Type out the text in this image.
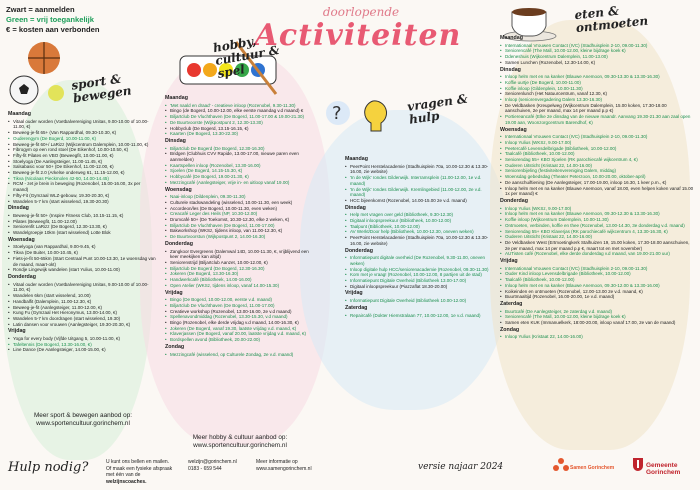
Zwart = aanmelden
Green = vrij toegankelijk
€ = kosten aan verbonden
doorlopende
Activiteiten
?
sport & bewegen
hobby, cultuur & spel
vragen & hulp
eten & ontmoeten
Maandag
• Vitaal ouder worden (Voetbalvereniging Unitas, 9.00-10.00 of 10.00-11.00, €)
• Beweeg-je-fit 65+ (Van Rappardhal, 09.30-10.30, €)
• Ouderengym (De Bogerd, 10.00-11.00, €)
• Beweeg-je-fit 60+/ LaRizz (Wijkcentrum Dalemplein, 10.00-11.00, €)
• Fibrogym op een rond stoel (De Eikenhof, 10.00-10.50, €)
• Fifty-fit Pilates en VBO (Beweegfit, 10.00-11.00, €)
• Stoelyoga (De Aanlegsteiger, 11.00-11.45, €)
• Salsabasic voor 50+ (De Eikenhof, 11.00-12.00, €)
• Beweeg-je-fit 2.0 (Arkelse onderweg 61, 11.15-12.00, €)
• Tikva (Nicolaas Pieckmolen 42-50, 14.00-14.45)
• RCM - zet je brein in beweging (Rozenobel, 15.00-16.00, 3x per maand)
• Fifty-Fit (Gymzaal WLZ-gebouw, 19.30-20.30, €)
• Wandelen 5-7 km (start wisselend, 19.30-20.30)
Dinsdag
• Beweeg-je-fit 50+ (Inspire Fitness Club, 10.15-11.15, €)
• Pilates (Beweegfit, 11.00-12.00)
• Seniorenfit LaRizz (De Bogerd, 12.30-13.30, €)
• Wandelgroepje 10km (start wisselend) Lotte Blok
Woensdag
• Stoelyoga (van Rappardhal, 9.00-9.45, €)
• Tikva (De Buiter, 10.00-10.45, €)
• Fiets-je-fit 50-65km (Start Centraal Punt 10.00-13.30, 1e woensdag van de maand, maart-okt)
• Rondje Lingewijk wandelen (start Yulius, 10.00-11.00)
Donderdag
• Vitaal ouder worden (Voetbalvereniging Unitas, 9.00-10.00 of 10.00-11.00, €)
• Wandelen 6km (start wisselend, 10.00)
• Handbalfit (Dalemplein, 11.00-12.30, €)
• Beweeg-je-fit (Aanlegsteiger, 11.00-12.00, €)
• Kung Fu (Gymzaal Het Hieronymus, 13.00-14.00, €)
• Wandelen 5-7 km doordragen (start wisselend, 19.30)
• Latin dansen voor vrouwen (Aanlegsteiger, 19.30-20.30, €)
Vrijdag
• Yoga for every body (Vijfde Uitgang 5, 10.00-11.00, €)
• Tafeltennis (De Bogerd, 13.30-16.00, €)
• Line Dance (De Aanlegsteiger, 14.00-15.00, €)
Meer sport & bewegen aanbod op:
www.sportencultuur.gorinchem.nl
Maandag
• 'Met naald en draad' - creatieve inloop (Rozenobel, 9.30-11.30)
• Bingo (de Bogerd, 10.00-12.00, elke eerste maandag v.d maand) €
• Biljartclub De Vluchthaven (De Bogerd, 11.00-17.00 & 19.00-21.30)
• De Buurtvoorste (Wijkpostpunt 2, 12.30-13.30)
• Hobbyclub (De Bogerd, 13.15-16.15, €)
• Kaarten (De Bogerd, 13.30-22.30)
Dinsdag
• Biljartclub De Bogerd (De Bogerd, 12.30-16.30)
• Bridgen (Clubhuis CVV Rapide, 13.00-17.00, nieuwe paren even aanmelden)
• Kaartspellen inloop (Rozenobel, 13.30-16.00)
• Sjoelen (De Bogerd, 14.15-15.30, €)
• Hobbycafé (De Bogerd, 19.00-21.30, €)
• Mezzingcafé (Aanlegsteiger, vrije in- en uitloop vanaf 19.00)
Woensdag
• Naai-inloop (Dildenplein, 09.30-11.30)
• Culturele stadswandeling (wisselend, 10.00-11.30, een week)
• Accordeon/les (De Bogerd, 10.00-11.30, even weken)
• Creacafé Leger des Heils (NP, 10.30-12.00)
• Drumcafé 50+ (De Toekomst, 10.30-12.30, elke 2 weken, €)
• Biljartclub De Vluchthaven (De Bogerd, 11.00-17.00)
• Bakworkshop (WKSz, tijdens inloop, van 11.00-12.30, €)
• De Buurtvoorstun (Wijkpostpunt 2, 14.00-16.30)
Donderdag
• Zangkoor Evergreens (Dalemwal 14D, 10.00-11.30, €, vrijblijvend een keer meekijken kan altijd)
• Seniorenstrijd (Biljartclub Aanzet, 10.00-12.00, €)
• Biljartclub De Bogerd (De Bogerd, 12.30-16.30)
• Jokeren (De Bogerd, 13.30-16.30)
• Handwerkcafé (Bibliotheek, 14.00-16.00)
• Open Atelier (WKSz, tijdens inloop, vanaf 14.00-15.30)
Vrijdag
• Bingo (De Bogerd, 10.00-12.00, eerste v.d. maand)
• Biljartclub De Vluchthaven (De Bogerd, 11.00-17.00)
• Creatieve workshop (Rozenobel, 13.00-16.00, 2e v.d maand)
• Spellenavondmiddag (Rozenobel, 13.30-15.30, v.d maand)
• Bingo (Rozenobel, elke derde vrijdag v.d maand, 14.00-16.30, €)
• Jokeren (De Bogerd, vanaf 19.30, laatste vrijdag v.d. maand, €)
• Klaverjassen (De Bogerd, vanaf 20.00, laatste vrijdag v.d. maand, €)
• Bordspellen avond (Bibliotheek, 20.00-22.00)
Zondag
• Mezzingcafé (wisselend, op Culturele Zondag, 2e v.d. maand)
Meer hobby & cultuur aanbod op:
www.sportencultuur.gorinchem.nl
Maandag
• PeerPoint Herstelacademie (Stadhuisplein 70a, 10.00-12.30 & 13.30-16.00, zie website)
• 'In de Wijk' rondes Gildenwijk. Interramsplein (11.00-12.00, 1e v.d. maand)
• 'In de Wijk' rondes Gildenwijk. Kremlingebied (11.00-12.00, 2e v.d. maand)
• HCC bijeenkomst (Rozenobel, 14.00-15.00 2e v.d. maand)
Dinsdag
• Help met vragen over geld (Bibliotheek, 9.30-12.30)
• Digitaal inloopspreekuur (Bibliotheek, 10.00-12.00)
• Taalpunt (Bibliotheek, 10.00-12.00)
• AV Werkt/Door help (Bibliotheek, 10.00-12.30, oneven weken)
• PeerPoint Herstelacademie (Stadhuisplein 70a, 10.00-12.30 & 13.30-16.00, zie website)
Donderdag
• Informatiepunt digitale overheid (De Rozenobel, 9.30-11.00, oneven weken)
• Inloop digitale hulp HCC/seniorenacademie (Rozenobel, 09.30-11.30)
• Kom met je vraag! (Rozenobel, 10.00-12.00, 8 partijen uit de stad)
• Informatiepunt Digitale Overheid (Bibliotheek 13.00-17.00)
• Digitaal inloopspreekuur (Piazzaflat 18.30-20.00)
Vrijdag
• Informatiepunt Digitale Overheid (Bibliotheek 10.00-12.00)
Zaterdag
• Repaircafé (Dokter Hiemstralaan 77, 10.00-12.00, 1e v.d. maand)
Maandag
• Internationaal Vrouwen Contact (IVC) (Stadhuisplein 2-10, 09.00-11.30)
• Seniorencafé (The Mall, 10.00-12.00, kleine bijdrage koek €)
• Ddeneshuis (Wijkcentrum Dalemplein, 11.00-13.00)
• Samen Lunchen (Rozenobel, 12.30-14.00, €)
Dinsdag
• Inloop helm met en na kanker (Blauwe Anemoon, 09.30-13.30 & 13.30-16.30)
• Koffie uurtje (De Bogerd, 10.00-11.00)
• Koffie inloop (Gildenplein, 10.00-11.30)
• Seniorenlunch (Het Natuurcentrum, vanaf 12.30, €)
• Inloop (seniorenvergadering Dalem 13.30-16.30)
• De Veldbasken (Kreupelweg (Wijkcentrum Dalemplein, 15.00 koken, 17.30-18.00 aanschuiven, 2e per maand, max 14 per maand p.p €)
• Portiereancafé (Elke 2e dinsdag van de nieuwe maandr. Aanvang 19.30-21.30 aan zaal open 19.00 aan, Woonzorgcentrum Barendhof, €)
Woensdag
• Internationaal Vrouwen Contact (IVC) (Stadhuisplein 2-10, 09.00-11.30)
• Inloop Yulius (WKSz, 9.00-17.00)
• Peetercafé Levensdelbrigade (Bibliotheek, 10.00-12.00)
• Taalcafé (Bibliotheek, 10.00-12.00)
• Seniorendag 55+ KBO Sjoelen (RK parochiecafé wijkcentrum 4, €)
• Ouderen Uitsticht (Kristaat 22, 14.00-16.00)
• Seniorenbijeling (festiviteitenvereniging Dalem, middag)
• Woensdag gebedsdag (Theater Peterzoon, 10.00-20.00, oktober-april)
• De aanschuiftiening (De Aanlegsteiger, 17.00-19.00, inloop 16.30, 1 keer p.m., €)
• Inloop helm met en na kanker (Blauwe Anemoon, vanaf 18.00, even helpen koken vanaf 15.00 1x per maand) €
Donderdag
• Inloop Yulius (WKSz, 9.00-17.00)
• Inloop helm met en na kanker (Blauwe Anemoon, 09.30-12.30 & 13.30-16.30)
• Koffie inloop (Wijkcentrum Dalemplein, 10.00-11.30)
• Ontmoeten, verbinden, koffie en thee (Rozenobel, 13.00-14.30, 3e donderdag v.d. maand)
• Seniorendag 55+ KBO Klaverjas (RK parochiecafé wijkcentrum 4, 13.30-16.30, €)
• Ouderen Uitsticht (Kristaat 22, 14.00-16.00)
• De Veldbasken West (Ertmoetingkerk Stalhuizen 19, 15.00 koken, 17.30-18.00 aanschuiven, 2e per maand, max 14 per maand p.p €, maart tot en met november)
• AUTisten café (Rozenobel, elke derde donderdag v.d maand, van 19.00-21.00 uur)
Vrijdag
• Internationaal Vrouwen Contact (IVC) (Stadhuisplein 2-10, 09.00-11.30)
• Ouder Kind inloop Levensdelbrigade (Bibliotheek, 10.00-12.00)
• Taalcafé (Bibliotheek, 10.00-12.00)
• Inloop helm met en na kanker (Blauwe Anemoon, 09.30-12.00 & 13.30-16.00)
• Koikeinden en ontmoeten (Rozenobel, 12.00-13.00 2e v.d. maand, €)
• Buurtmaaltijd (Rozenobel, 16.00-20.00, 1e v.d. maand)
Zaterdag
• Buurtcafé (De Aanlegsteiger, 2e zaterdag v.d. maand)
• Seniorencafé (The Mall, 10.00-12.00, kleine bijdrage koek €)
• Samen eten KUK (Immanuelkerk, 18:00-20.00, inloop vanaf 17.00, 2e van de maand)
Zondag
• Inloop Yulius (Kristaat 22, 14.00-16.00)
Hulp nodig?	U kunt ons bellen en mailen.
Of maak een fysieke afspraak
met één van de
welzijnscoaches.
welzijn@gorinchem.nl
0183 - 659 544
Meer informatie op
www.samengorinchem.nl	versie najaar 2024	Samen Gorinchem	Gemeente
Gorinchem
